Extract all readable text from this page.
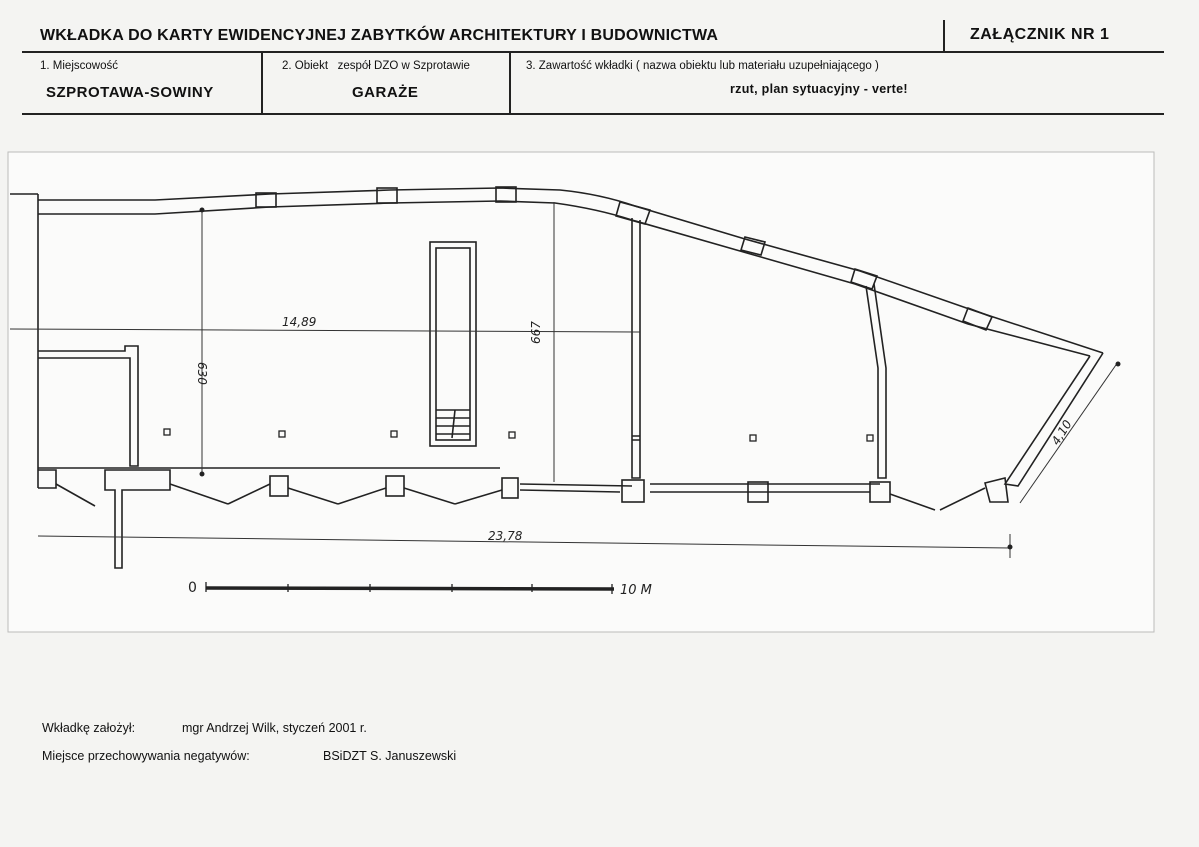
WKŁADKA DO KARTY EWIDENCYJNEJ ZABYTKÓW ARCHITEKTURY I BUDOWNICTWA	ZAŁĄCZNIK NR 1
1. Miejscowość
SZPROTAWA-SOWINY
2. Obiekt   zespół DZO w Szprotawie
GARAŻE
3. Zawartość wkładki ( nazwa obiektu lub materiału uzupełniającego )
rzut, plan sytuacyjny - verte!
14,89
630
667
23,78
4,10
0	10 M
Wkładkę założył:	mgr Andrzej Wilk, styczeń 2001 r.
Miejsce przechowywania negatywów:	BSiDZT S. Januszewski
